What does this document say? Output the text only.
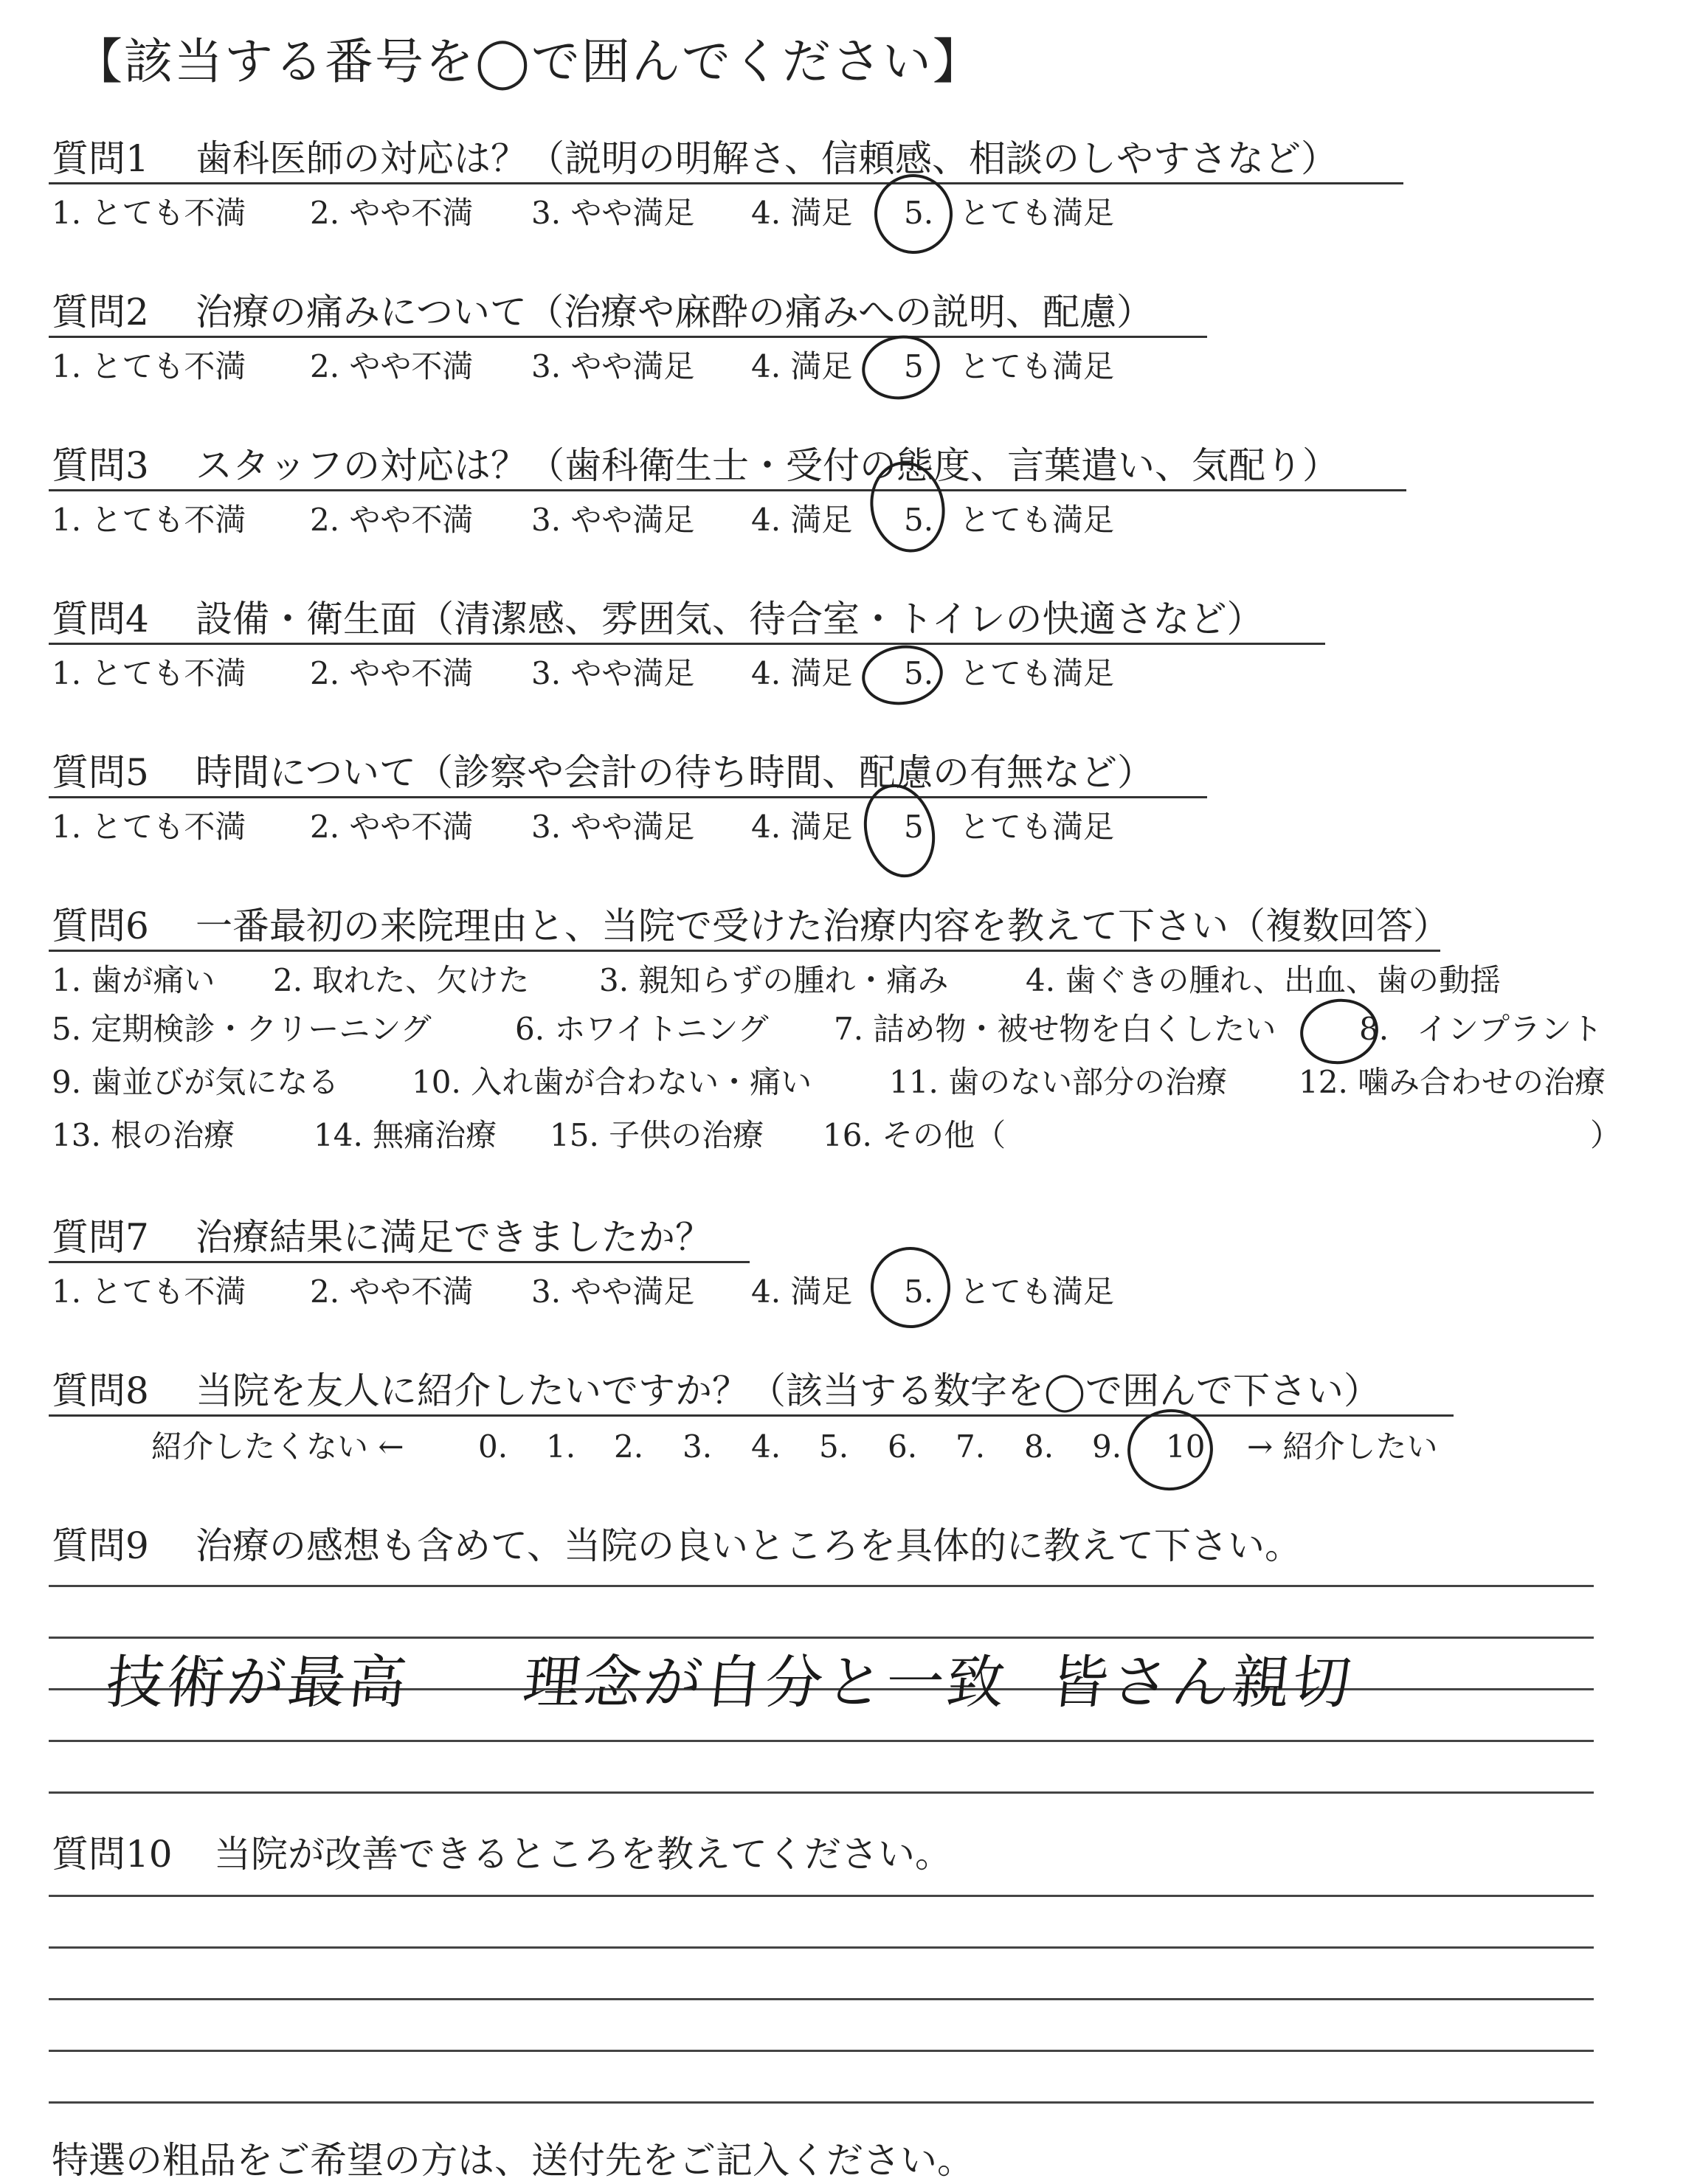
【該当する番号を◯で囲んでください】
質問1 歯科医師の対応は？（説明の明解さ、信頼感、相談のしやすさなど）
1. とても不満 2. やや不満 3. やや満足 4. 満足 5. とても満足
質問2 治療の痛みについて（治療や麻酔の痛みへの説明、配慮）
1. とても不満 2. やや不満 3. やや満足 4. 満足 5 とても満足
質問3 スタッフの対応は？（歯科衛生士・受付の態度、言葉遣い、気配り）
1. とても不満 2. やや不満 3. やや満足 4. 満足 5. とても満足
質問4 設備・衛生面（清潔感、雰囲気、待合室・トイレの快適さなど）
1. とても不満 2. やや不満 3. やや満足 4. 満足 5. とても満足
質問5 時間について（診察や会計の待ち時間、配慮の有無など）
1. とても不満 2. やや不満 3. やや満足 4. 満足 5 とても満足
質問6 一番最初の来院理由と、当院で受けた治療内容を教えて下さい（複数回答）
1. 歯が痛い 2. 取れた、欠けた 3. 親知らずの腫れ・痛み 4. 歯ぐきの腫れ、出血、歯の動揺
5. 定期検診・クリーニング	6. ホワイトニング 7. 詰め物・被せ物を白くしたい	8. インプラント
9. 歯並びが気になる 10. 入れ歯が合わない・痛い 11. 歯のない部分の治療 12. 噛み合わせの治療
13. 根の治療	14. 無痛治療 15. 子供の治療 16. その他（	）
質問7 治療結果に満足できましたか？
1. とても不満 2. やや不満 3. やや満足 4. 満足 5. とても満足
質問8 当院を友人に紹介したいですか？（該当する数字を◯で囲んで下さい）
紹介したくない ← 0. 1. 2. 3. 4. 5. 6. 7. 8. 9. 10 → 紹介したい
質問9 治療の感想も含めて、当院の良いところを具体的に教えて下さい。
技術が最高 理念が自分と一致 皆さん親切
質問10 当院が改善できるところを教えてください。
特選の粗品をご希望の方は、送付先をご記入ください。
